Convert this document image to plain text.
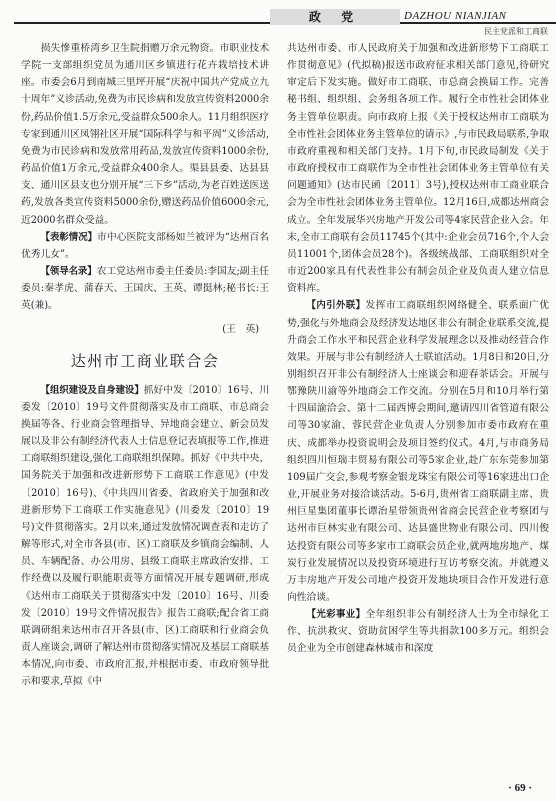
政 党	DAZHOU NIANJIAN
民主党派和工商联

损失慘重桥湾乡卫生院捐赠万余元物资。市职业技术学院一支部组织党员为通川区乡镇进行花卉栽培技术讲座。市委会6月到南城三里坪开展“庆祝中国共产党成立九十周年”义诊活动,免费为市民诊病和发放宣传资料2000余份,药品价值1.5万余元,受益群众500余人。11月组织医疗专家到通川区凤翎社区开展“国际科学与和平周”义诊活动,免费为市民诊病和发放常用药品,发放宣传资料1000余份,药品价值1万余元,受益群众400余人。渠县县委、达县县支、通川区县支也分别开展“三下乡”活动,为老百姓送医送药,发放各类宣传资料5000余份,赠送药品价值6000余元,近2000名群众受益。

【表彰情况】市中心医院支部杨如兰被评为“达州百名优秀儿女”。

【领导名录】农工党达州市委主任委员:李国友;副主任委员:秦孝虎、蒲春天、王国庆、王英、谭挺林;秘书长:王英(兼)。

(王　英)
达州市工商业联合会

【组织建设及自身建设】抓好中发〔2010〕16号、川委发〔2010〕19号文件贯彻落实及市工商联、市总商会换届等各、行业商会管理指导、异地商会建立、新会员发展以及非公有制经济代表人士信息登记表填报等工作,推进工商联组织建设,强化工商联组织保障。抓好《中共中央、国务院关于加强和改进新形势下工商联工作意见》(中发〔2010〕16号)、《中共四川省委、省政府关于加强和改进新形势下工商联工作实施意见》(川委发〔2010〕19号)文件贯彻落实。2月以来,通过发放情况调查表和走访了解等形式,对全市各县(市、区)工商联及乡镇商会编制、人员、车辆配备、办公用房、县级工商联主席政治安排、工作经费以及履行职能职责等方面情况开展专题调研,形成《达州市工商联关于贯彻落实中发〔2010〕16号、川委发〔2010〕19号文件情况报告》报告工商联;配合省工商联调研组来达州市召开各县(市、区)工商联和行业商会负责人座谈会,调研了解达州市贯彻落实情况及基层工商联基本情况,向市委、市政府汇报,并根据市委、市政府领导批示和要求,草拟《中

共达州市委、市人民政府关于加强和改进新形势下工商联工作贯彻意见》(代拟稿)报送市政府征求相关部门意见,待研究审定后下发实施。做好市工商联、市总商会换届工作。完善秘书组、组织组、会务组各项工作。履行全市性社会团体业务主管单位职责。向市政府上报《关于授权达州市工商联为全市性社会团体业务主管单位的请示》,与市民政局联系,争取市政府重视和相关部门支持。1月下旬,市民政局制发《关于市政府授权市工商联作为全市性社会团体业务主管单位有关问题通知》(达市民函〔2011〕3号),授权达州市工商业联合会为全市性社会团体业务主管单位。12月16日,成都达州商会成立。全年发展华兴房地产开发公司等4家民营企业入会。年末,全市工商联有会员11745个(其中:企业会员716个,个人会员11001个,团体会员28个)。各级统战部、工商联组织对全市近200家具有代表性非公有制会员企业及负责人建立信息资料库。

【内引外联】发挥市工商联组织网络健全、联系面广优势,强化与外地商会及经济发达地区非公有制企业联系交流,提升商会工作水平和民营企业科学发展理念以及推动经营合作效果。开展与非公有制经济人士联谊活动。1月8日和20日,分别组织召开非公有制经济人士座谈会和迎春茶话会。开展与鄂豫陕川渝等外地商会工作交流。分别在5月和10月举行第十四届渝洽会、第十二届西博会期间,邀请四川省管道有限公司等30家渝、蓉民营企业负责人分别参加市委市政府在重庆、成都举办投资说明会及项目签约仪式。4月,与市商务局组织四川恒瑞丰贸易有限公司等5家企业,赴广东东莞参加第109届广交会,参观考察金银龙珠宝有限公司等16家进出口企业,开展业务对接洽谈活动。5-6月,贵州省工商联副主席、贵州巨星集团董事长谭治星带领贵州省商会民营企业考察团与达州市巨林实业有限公司、达县盛世物业有限公司、四川俊达投资有限公司等多家市工商联会员企业,就两地房地产、煤炭行业发展情况以及投资环境进行互访考察交流。并就遵义万丰房地产开发公司地产投资开发地块项目合作开发进行意向性洽谈。

【光彩事业】全年组织非公有制经济人士为全市绿化工作、抗洪救灾、资助贫困学生等共捐款100多万元。组织会员企业为全市创建森林城市和深度

· 69 ·
